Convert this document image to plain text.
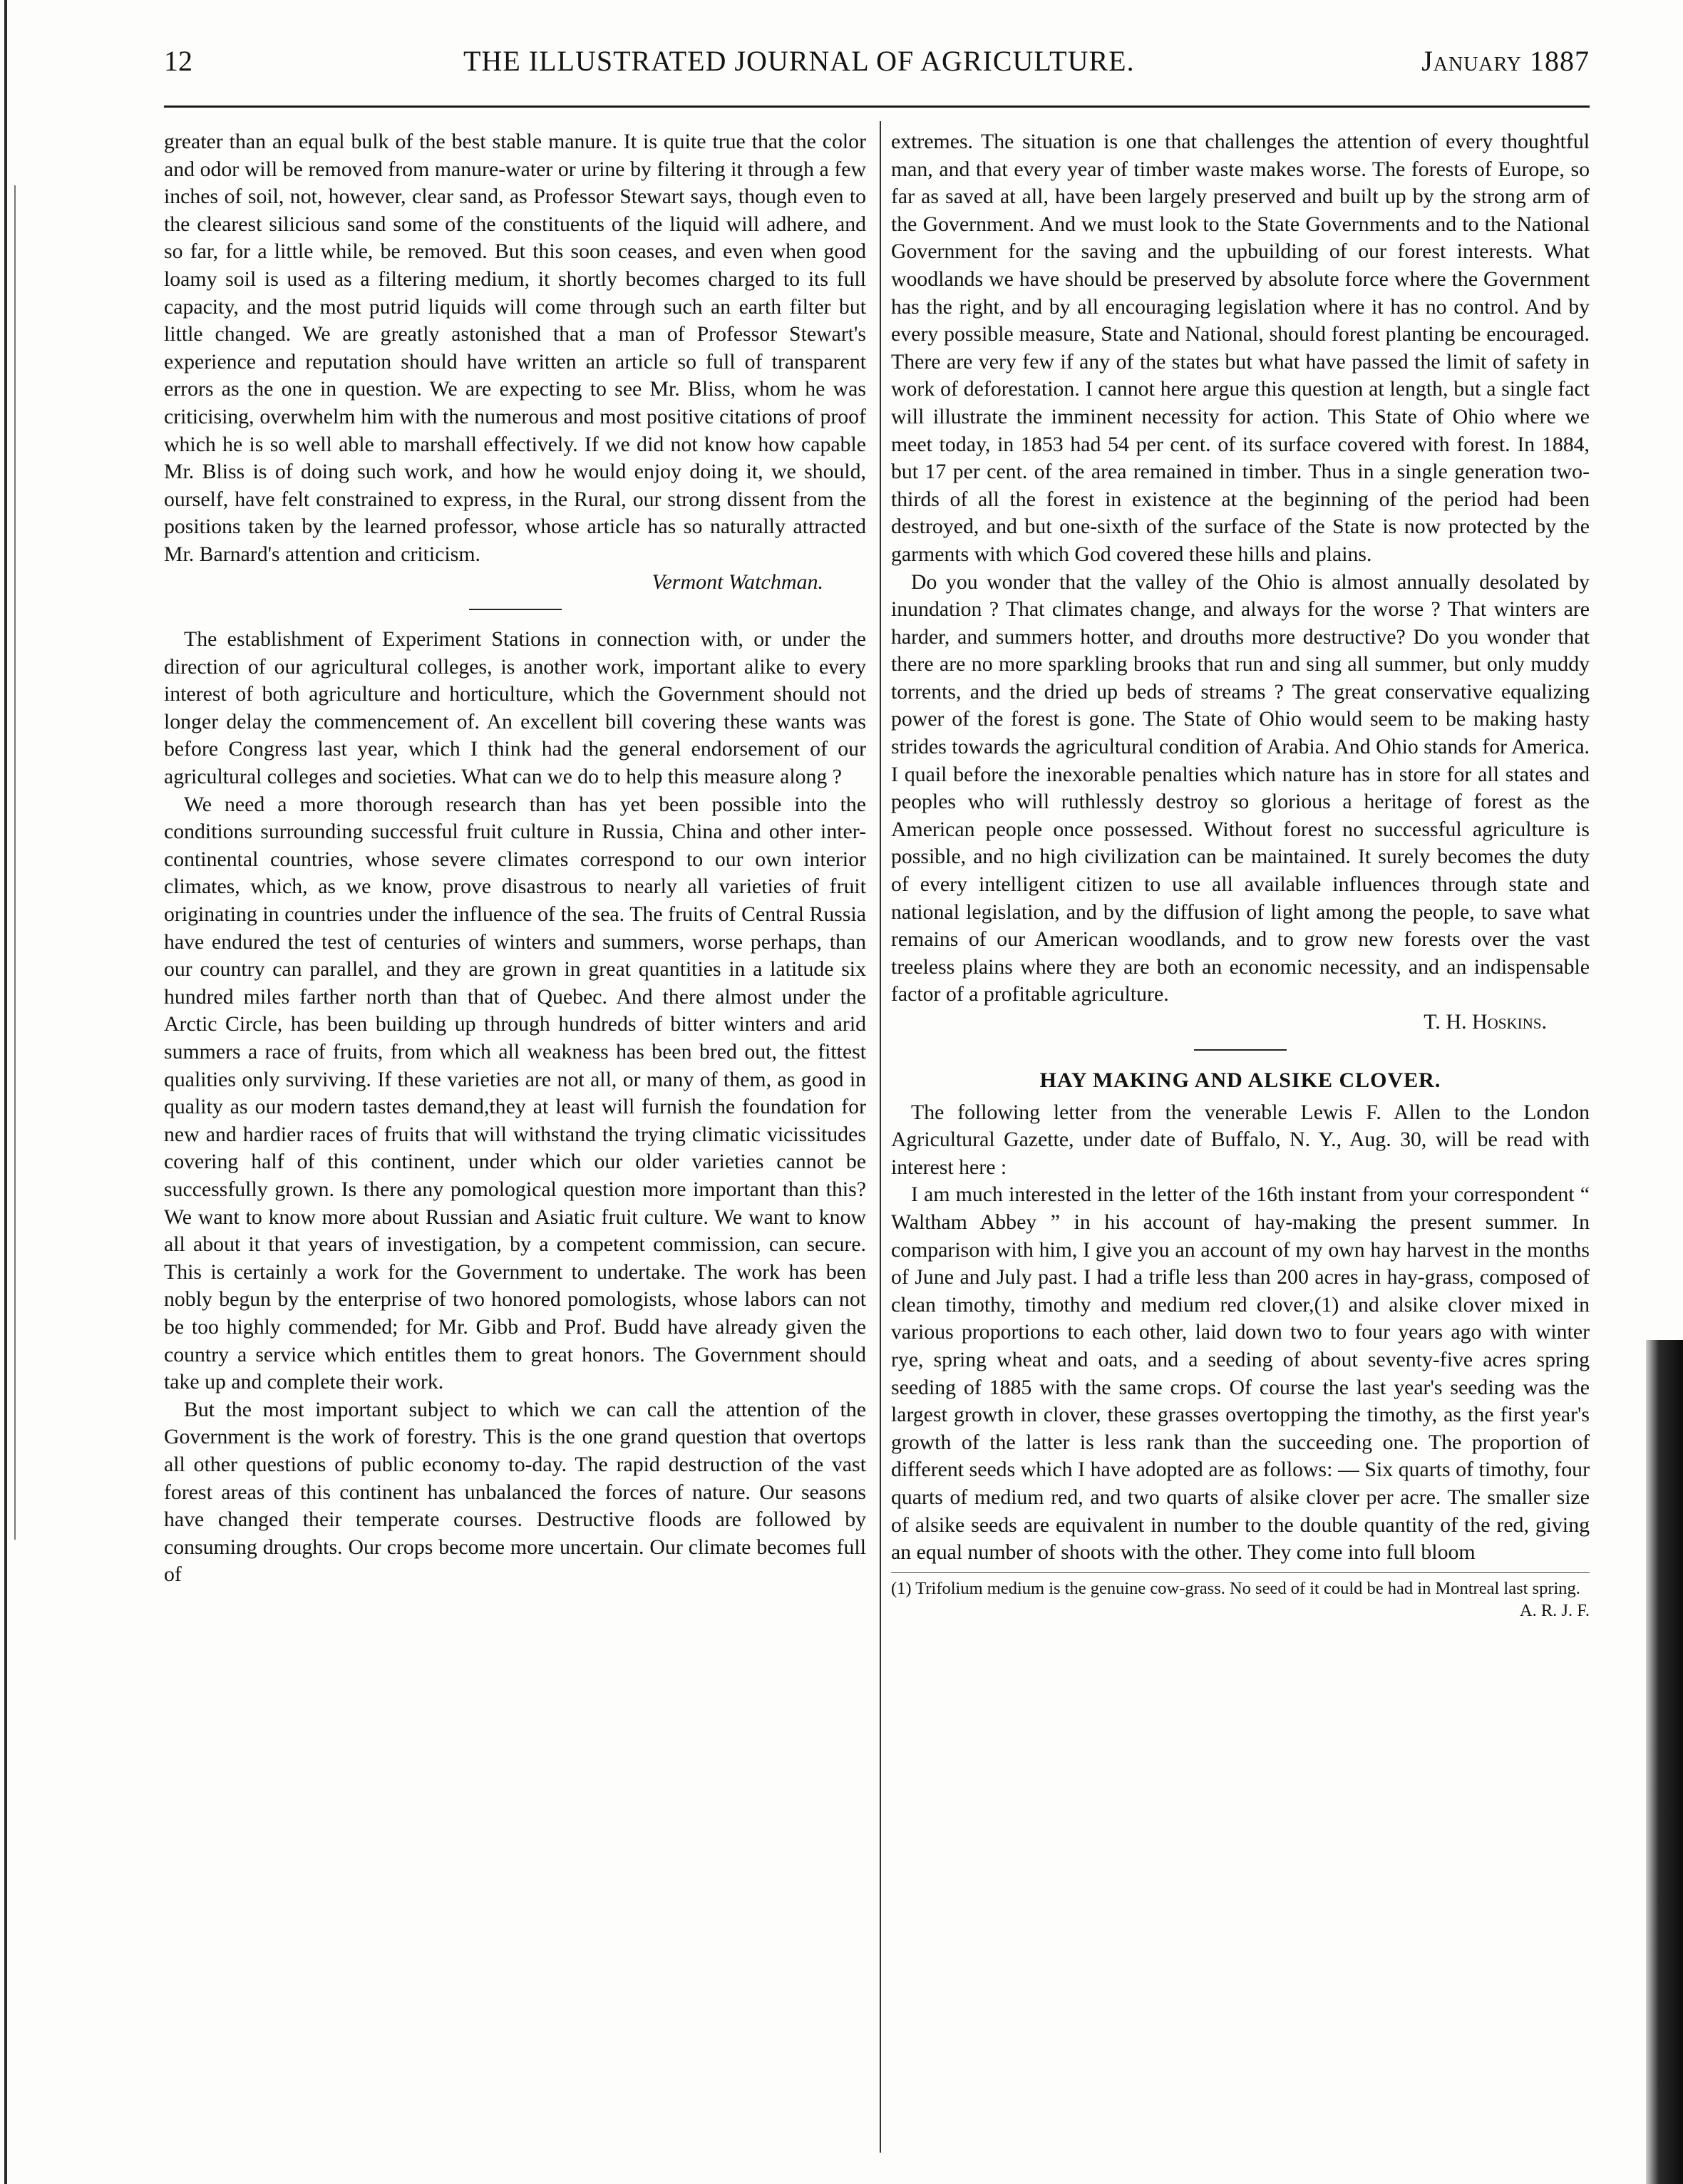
12	THE ILLUSTRATED JOURNAL OF AGRICULTURE.	January 1887

greater than an equal bulk of the best stable manure. It is quite true that the color and odor will be removed from manure-water or urine by filtering it through a few inches of soil, not, however, clear sand, as Professor Stewart says, though even to the clearest silicious sand some of the constituents of the liquid will adhere, and so far, for a little while, be removed. But this soon ceases, and even when good loamy soil is used as a filtering medium, it shortly becomes charged to its full capacity, and the most putrid liquids will come through such an earth filter but little changed. We are greatly astonished that a man of Professor Stewart's experience and reputation should have written an article so full of transparent errors as the one in question. We are expecting to see Mr. Bliss, whom he was criticising, overwhelm him with the numerous and most positive citations of proof which he is so well able to marshall effectively. If we did not know how capable Mr. Bliss is of doing such work, and how he would enjoy doing it, we should, ourself, have felt constrained to express, in the Rural, our strong dissent from the positions taken by the learned professor, whose article has so naturally attracted Mr. Barnard's attention and criticism.

Vermont Watchman.

The establishment of Experiment Stations in connection with, or under the direction of our agricultural colleges, is another work, important alike to every interest of both agriculture and horticulture, which the Government should not longer delay the commencement of. An excellent bill covering these wants was before Congress last year, which I think had the general endorsement of our agricultural colleges and societies. What can we do to help this measure along ?

We need a more thorough research than has yet been possible into the conditions surrounding successful fruit culture in Russia, China and other inter-continental countries, whose severe climates correspond to our own interior climates, which, as we know, prove disastrous to nearly all varieties of fruit originating in countries under the influence of the sea. The fruits of Central Russia have endured the test of centuries of winters and summers, worse perhaps, than our country can parallel, and they are grown in great quantities in a latitude six hundred miles farther north than that of Quebec. And there almost under the Arctic Circle, has been building up through hundreds of bitter winters and arid summers a race of fruits, from which all weakness has been bred out, the fittest qualities only surviving. If these varieties are not all, or many of them, as good in quality as our modern tastes demand,they at least will furnish the foundation for new and hardier races of fruits that will withstand the trying climatic vicissitudes covering half of this continent, under which our older varieties cannot be successfully grown. Is there any pomological question more important than this? We want to know more about Russian and Asiatic fruit culture. We want to know all about it that years of investigation, by a competent commission, can secure. This is certainly a work for the Government to undertake. The work has been nobly begun by the enterprise of two honored pomologists, whose labors can not be too highly commended; for Mr. Gibb and Prof. Budd have already given the country a service which entitles them to great honors. The Government should take up and complete their work.

But the most important subject to which we can call the attention of the Government is the work of forestry. This is the one grand question that overtops all other questions of public economy to-day. The rapid destruction of the vast forest areas of this continent has unbalanced the forces of nature. Our seasons have changed their temperate courses. Destructive floods are followed by consuming droughts. Our crops become more uncertain. Our climate becomes full of

extremes. The situation is one that challenges the attention of every thoughtful man, and that every year of timber waste makes worse. The forests of Europe, so far as saved at all, have been largely preserved and built up by the strong arm of the Government. And we must look to the State Governments and to the National Government for the saving and the upbuilding of our forest interests. What woodlands we have should be preserved by absolute force where the Government has the right, and by all encouraging legislation where it has no control. And by every possible measure, State and National, should forest planting be encouraged. There are very few if any of the states but what have passed the limit of safety in work of deforestation. I cannot here argue this question at length, but a single fact will illustrate the imminent necessity for action. This State of Ohio where we meet today, in 1853 had 54 per cent. of its surface covered with forest. In 1884, but 17 per cent. of the area remained in timber. Thus in a single generation two-thirds of all the forest in existence at the beginning of the period had been destroyed, and but one-sixth of the surface of the State is now protected by the garments with which God covered these hills and plains.

Do you wonder that the valley of the Ohio is almost annually desolated by inundation ? That climates change, and always for the worse ? That winters are harder, and summers hotter, and drouths more destructive? Do you wonder that there are no more sparkling brooks that run and sing all summer, but only muddy torrents, and the dried up beds of streams ? The great conservative equalizing power of the forest is gone. The State of Ohio would seem to be making hasty strides towards the agricultural condition of Arabia. And Ohio stands for America. I quail before the inexorable penalties which nature has in store for all states and peoples who will ruthlessly destroy so glorious a heritage of forest as the American people once possessed. Without forest no successful agriculture is possible, and no high civilization can be maintained. It surely becomes the duty of every intelligent citizen to use all available influences through state and national legislation, and by the diffusion of light among the people, to save what remains of our American woodlands, and to grow new forests over the vast treeless plains where they are both an economic necessity, and an indispensable factor of a profitable agriculture.

T. H. Hoskins.
HAY MAKING AND ALSIKE CLOVER.

The following letter from the venerable Lewis F. Allen to the London Agricultural Gazette, under date of Buffalo, N. Y., Aug. 30, will be read with interest here :

I am much interested in the letter of the 16th instant from your correspondent “ Waltham Abbey ” in his account of hay-making the present summer. In comparison with him, I give you an account of my own hay harvest in the months of June and July past. I had a trifle less than 200 acres in hay-grass, composed of clean timothy, timothy and medium red clover,(1) and alsike clover mixed in various proportions to each other, laid down two to four years ago with winter rye, spring wheat and oats, and a seeding of about seventy-five acres spring seeding of 1885 with the same crops. Of course the last year's seeding was the largest growth in clover, these grasses overtopping the timothy, as the first year's growth of the latter is less rank than the succeeding one. The proportion of different seeds which I have adopted are as follows: — Six quarts of timothy, four quarts of medium red, and two quarts of alsike clover per acre. The smaller size of alsike seeds are equivalent in number to the double quantity of the red, giving an equal number of shoots with the other. They come into full bloom

(1) Trifolium medium is the genuine cow-grass. No seed of it could be had in Montreal last spring.
A. R. J. F.
